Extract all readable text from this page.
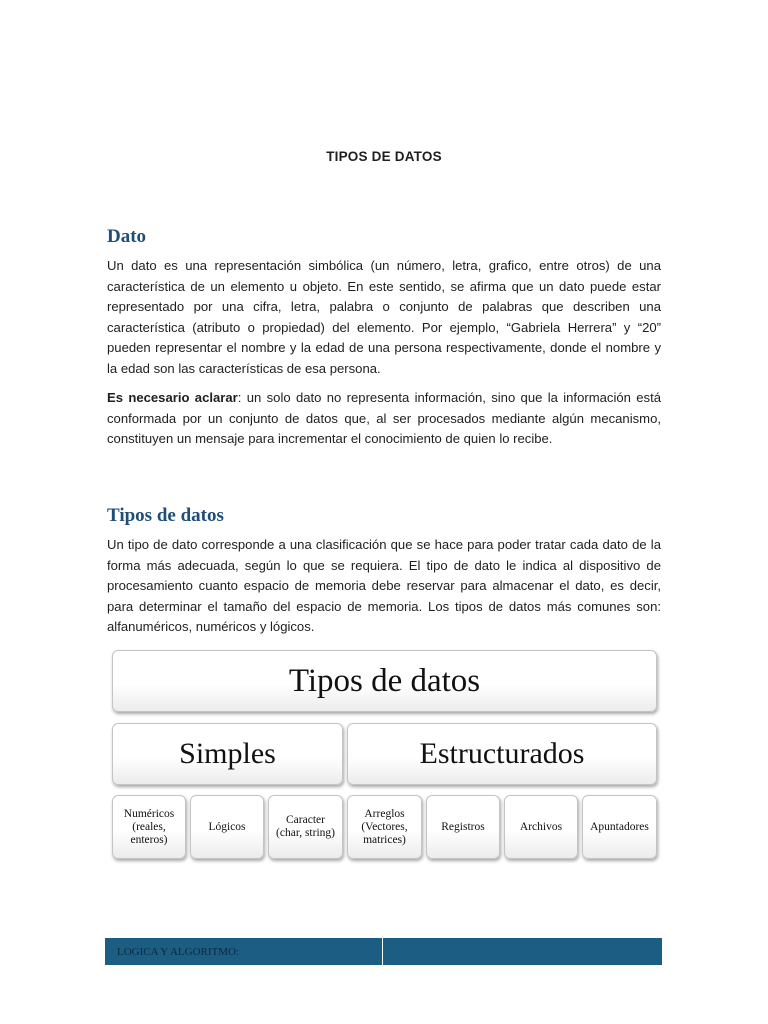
TIPOS DE DATOS
Dato
Un dato es una representación simbólica (un número, letra, grafico, entre otros) de una característica de un elemento u objeto. En este sentido, se afirma que un dato puede estar representado por una cifra, letra, palabra o conjunto de palabras que describen una característica (atributo o propiedad) del elemento. Por ejemplo, “Gabriela Herrera” y “20” pueden representar el nombre y la edad de una persona respectivamente, donde el nombre y la edad son las características de esa persona.
Es necesario aclarar: un solo dato no representa información, sino que la información está conformada por un conjunto de datos que, al ser procesados mediante algún mecanismo, constituyen un mensaje para incrementar el conocimiento de quien lo recibe.
Tipos de datos
Un tipo de dato corresponde a una clasificación que se hace para poder tratar cada dato de la forma más adecuada, según lo que se requiera. El tipo de dato le indica al dispositivo de procesamiento cuanto espacio de memoria debe reservar para almacenar el dato, es decir, para determinar el tamaño del espacio de memoria. Los tipos de datos más comunes son: alfanuméricos, numéricos y lógicos.
Tipos de datos
Simples	Estructurados
Numéricos (reales, enteros)
Lógicos
Caracter (char, string)
Arreglos (Vectores, matrices)
Registros	Archivos	Apuntadores
LOGICA Y ALGORITMO:
